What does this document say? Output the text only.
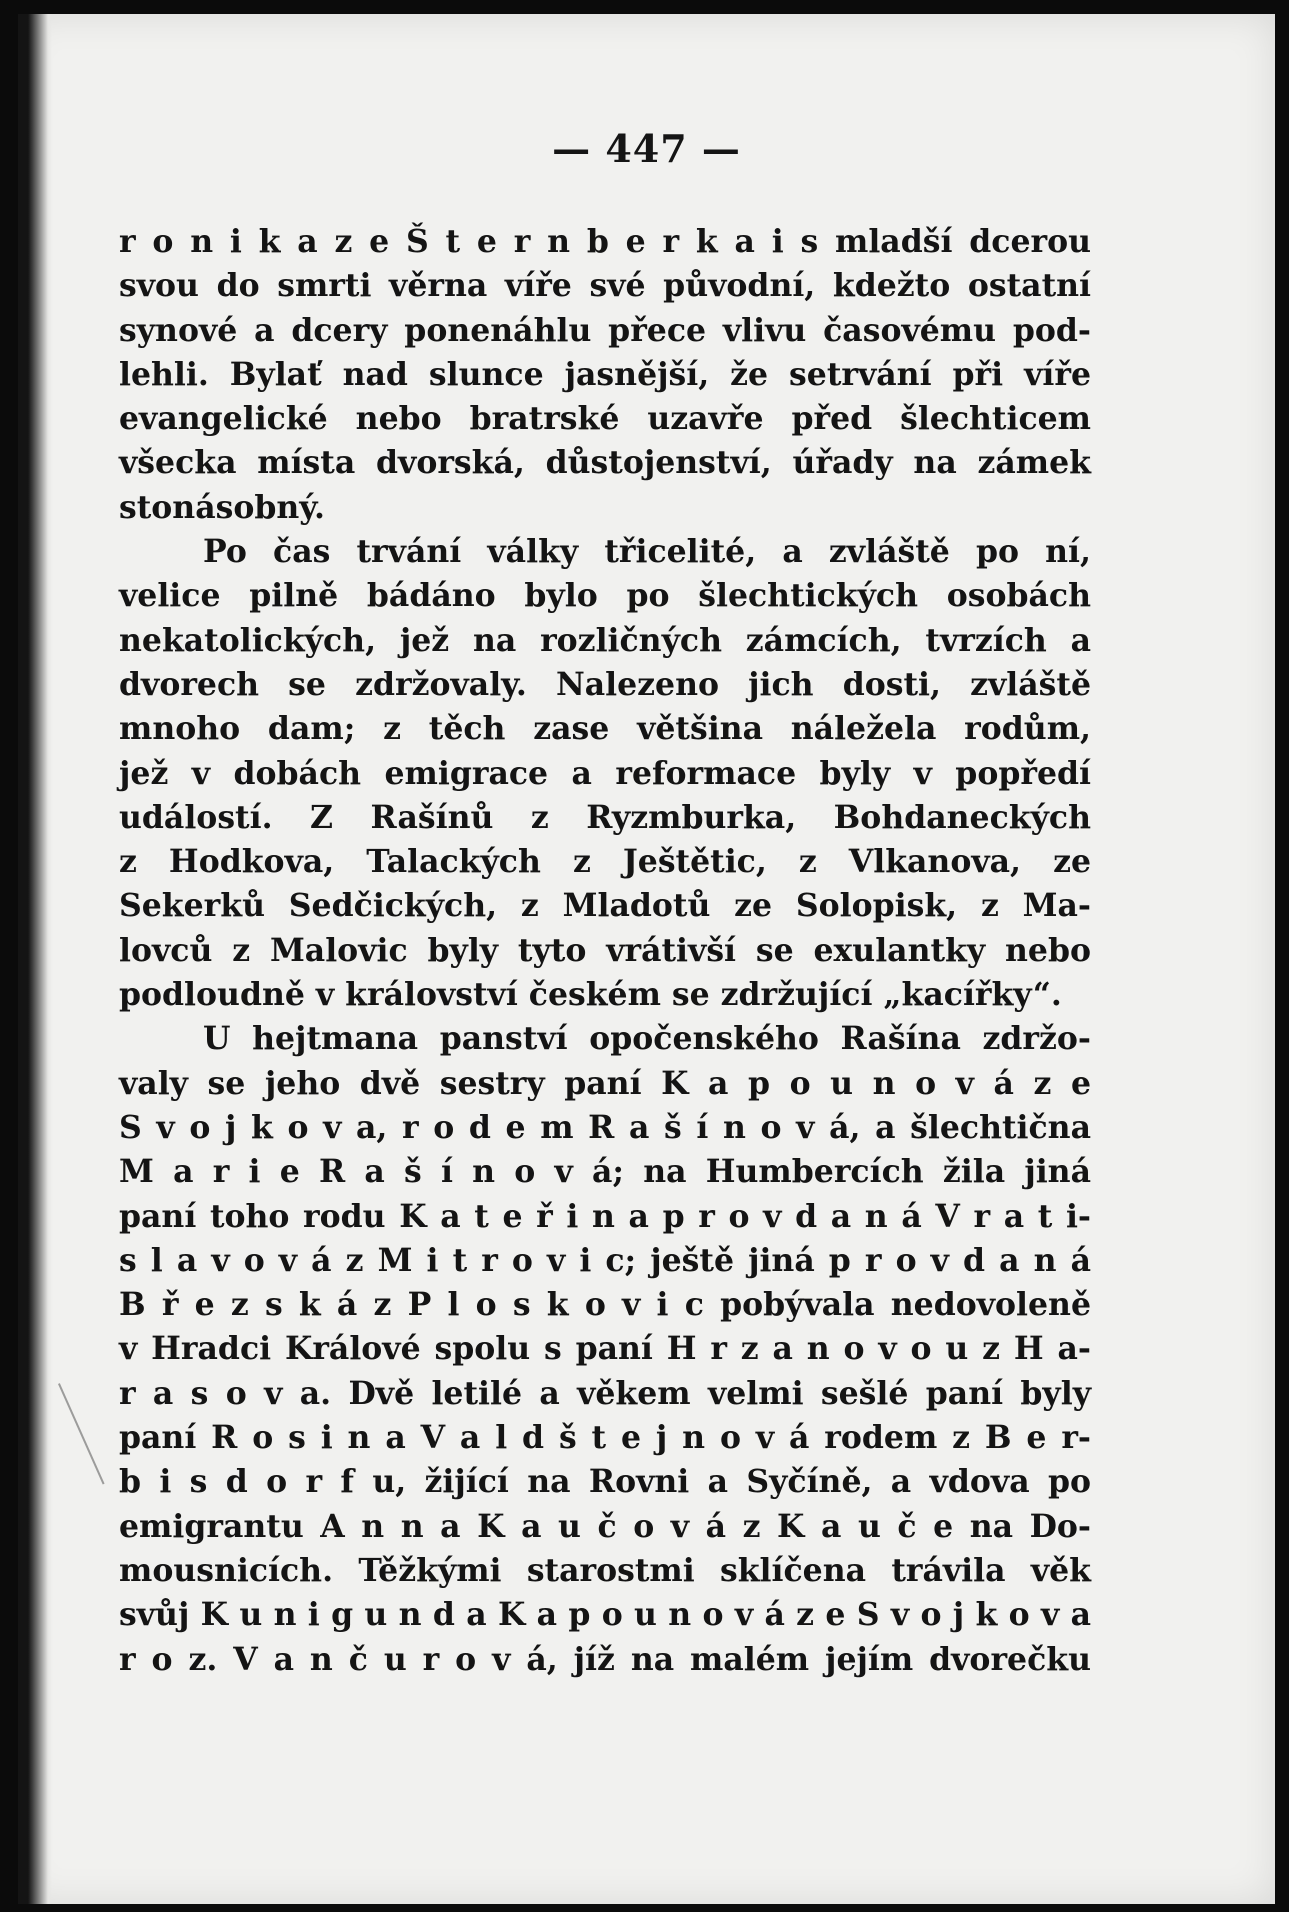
— 447 —
r o n i k a z e Š t e r n b e r k a i s mladší dcerou
svou do smrti věrna víře své původní, kdežto ostatní
synové a dcery ponenáhlu přece vlivu časovému pod-
lehli. Bylať nad slunce jasnější, že setrvání při víře
evangelické nebo bratrské uzavře před šlechticem
všecka místa dvorská, důstojenství, úřady na zámek
stonásobný.
Po čas trvání války třicelité, a zvláště po ní,
velice pilně bádáno bylo po šlechtických osobách
nekatolických, jež na rozličných zámcích, tvrzích a
dvorech se zdržovaly. Nalezeno jich dosti, zvláště
mnoho dam; z těch zase většina náležela rodům,
jež v dobách emigrace a reformace byly v popředí
událostí. Z Rašínů z Ryzmburka, Bohdaneckých
z Hodkova, Talackých z Ještětic, z Vlkanova, ze
Sekerků Sedčických, z Mladotů ze Solopisk, z Ma-
lovců z Malovic byly tyto vrátivší se exulantky nebo
podloudně v království českém se zdržující „kacířky“.
U hejtmana panství opočenského Rašína zdržo-
valy se jeho dvě sestry paní K a p o u n o v á z e
S v o j k o v a, r o d e m R a š í n o v á, a šlechtična
M a r i e R a š í n o v á; na Humbercích žila jiná
paní toho rodu K a t e ř i n a p r o v d a n á V r a t i-
s l a v o v á z M i t r o v i c; ještě jiná p r o v d a n á
B ř e z s k á z P l o s k o v i c pobývala nedovoleně
v Hradci Králové spolu s paní H r z a n o v o u z H a-
r a s o v a. Dvě letilé a věkem velmi sešlé paní byly
paní R o s i n a V a l d š t e j n o v á rodem z B e r-
b i s d o r f u, žijící na Rovni a Syčíně, a vdova po
emigrantu A n n a K a u č o v á z K a u č e na Do-
mousnicích. Těžkými starostmi sklíčena trávila věk
svůj K u n i g u n d a K a p o u n o v á z e S v o j k o v a
r o z. V a n č u r o v á, jíž na malém jejím dvorečku
